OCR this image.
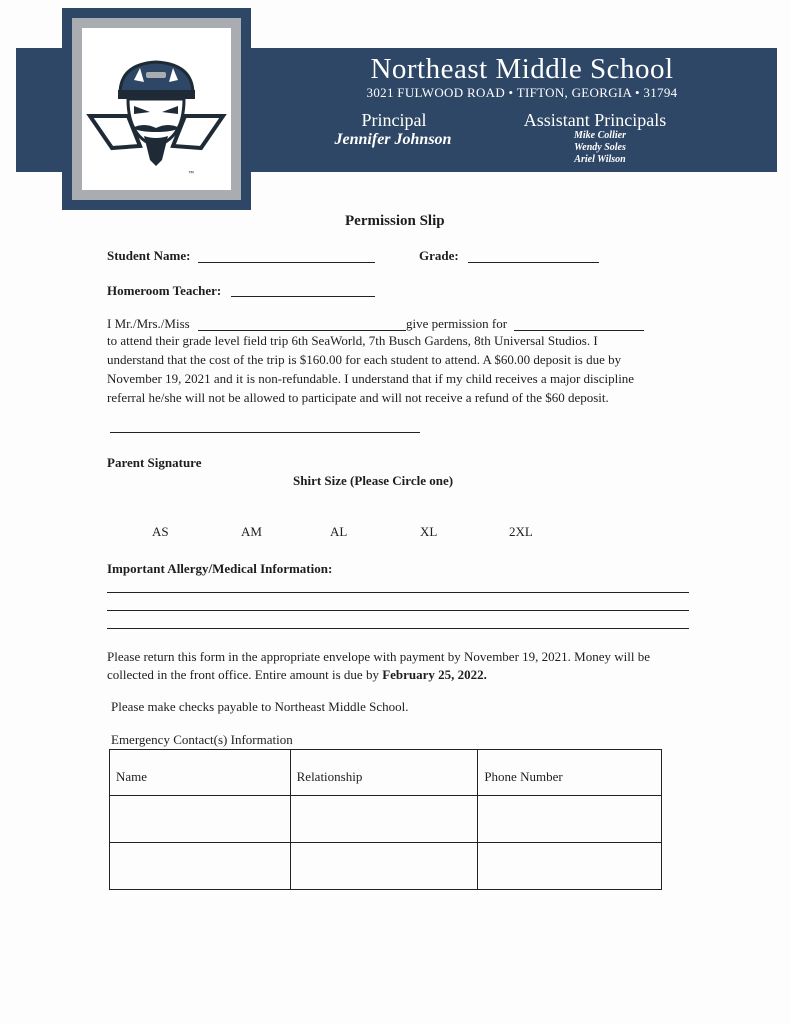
™
Northeast Middle School
3021 FULWOOD ROAD • TIFTON, GEORGIA • 31794
Principal
Jennifer Johnson
Assistant Principals
Mike Collier
Wendy Soles
Ariel Wilson
Permission Slip
Student Name:	Grade:
Homeroom Teacher:
I Mr./Mrs./Miss	give permission for
to attend their grade level field trip 6th SeaWorld, 7th Busch Gardens, 8th Universal Studios. I
understand that the cost of the trip is $160.00 for each student to attend. A $60.00 deposit is due by
November 19, 2021 and it is non-refundable. I understand that if my child receives a major discipline
referral he/she will not be allowed to participate and will not receive a refund of the $60 deposit.
Parent Signature
Shirt Size (Please Circle one)
AS	AM	AL	XL	2XL
Important Allergy/Medical Information:
Please return this form in the appropriate envelope with payment by November 19, 2021. Money will be
collected in the front office. Entire amount is due by February 25, 2022.
Please make checks payable to Northeast Middle School.
Emergency Contact(s) Information
Name	Relationship	Phone Number
